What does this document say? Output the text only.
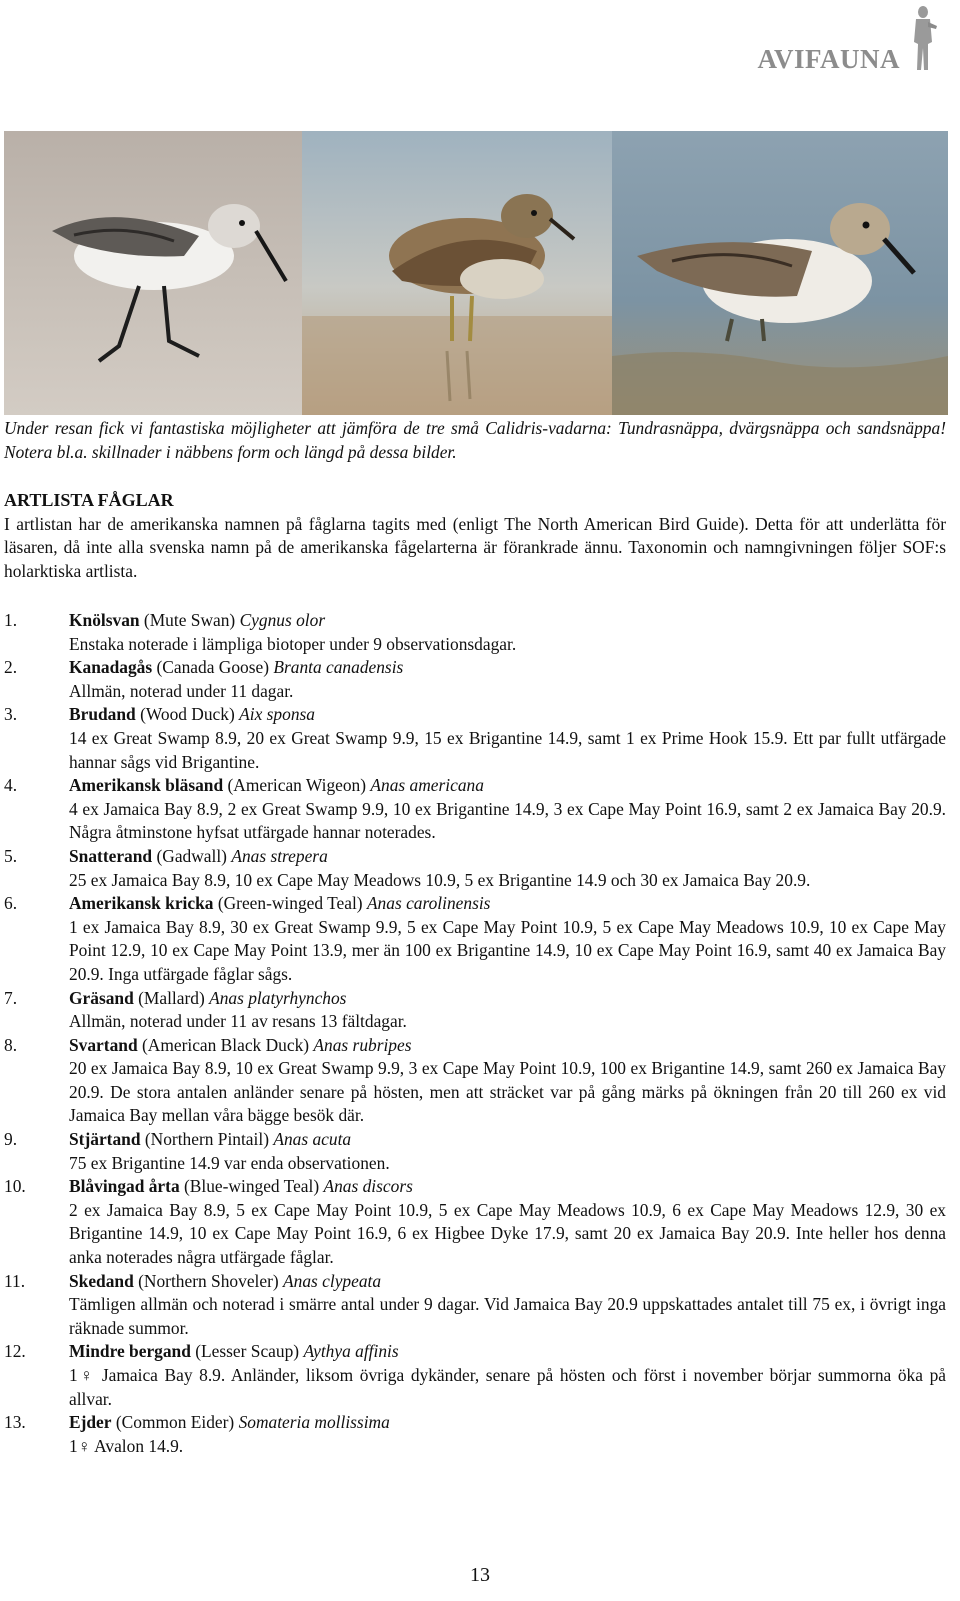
AVIFAUNA
Under resan fick vi fantastiska möjligheter att jämföra de tre små Calidris-vadarna: Tundrasnäppa, dvärgsnäppa och sandsnäppa! Notera bl.a. skillnader i näbbens form och längd på dessa bilder.
ARTLISTA FÅGLAR
I artlistan har de amerikanska namnen på fåglarna tagits med (enligt The North American Bird Guide). Detta för att underlätta för läsaren, då inte alla svenska namn på de amerikanska fågelarterna är förankrade ännu. Taxonomin och namngivningen följer SOF:s holarktiska artlista.
1.	Knölsvan (Mute Swan) Cygnus olor
Enstaka noterade i lämpliga biotoper under 9 observationsdagar.
2.	Kanadagås (Canada Goose) Branta canadensis
Allmän, noterad under 11 dagar.
3.	Brudand (Wood Duck) Aix sponsa
14 ex Great Swamp 8.9, 20 ex Great Swamp 9.9, 15 ex Brigantine 14.9, samt 1 ex Prime Hook 15.9. Ett par fullt utfärgade hannar sågs vid Brigantine.
4.	Amerikansk bläsand (American Wigeon) Anas americana
4 ex Jamaica Bay 8.9, 2 ex Great Swamp 9.9, 10 ex Brigantine 14.9, 3 ex Cape May Point 16.9, samt 2 ex Jamaica Bay 20.9. Några åtminstone hyfsat utfärgade hannar noterades.
5.	Snatterand (Gadwall) Anas strepera
25 ex Jamaica Bay 8.9, 10 ex Cape May Meadows 10.9, 5 ex Brigantine 14.9 och 30 ex Jamaica Bay 20.9.
6.	Amerikansk kricka (Green-winged Teal) Anas carolinensis
1 ex Jamaica Bay 8.9, 30 ex Great Swamp 9.9, 5 ex Cape May Point 10.9, 5 ex Cape May Meadows 10.9, 10 ex Cape May Point 12.9, 10 ex Cape May Point 13.9, mer än 100 ex Brigantine 14.9, 10 ex Cape May Point 16.9, samt 40 ex Jamaica Bay 20.9. Inga utfärgade fåglar sågs.
7.	Gräsand (Mallard) Anas platyrhynchos
Allmän, noterad under 11 av resans 13 fältdagar.
8.	Svartand (American Black Duck) Anas rubripes
20 ex Jamaica Bay 8.9, 10 ex Great Swamp 9.9, 3 ex Cape May Point 10.9, 100 ex Brigantine 14.9, samt 260 ex Jamaica Bay 20.9. De stora antalen anländer senare på hösten, men att sträcket var på gång märks på ökningen från 20 till 260 ex vid Jamaica Bay mellan våra bägge besök där.
9.	Stjärtand (Northern Pintail) Anas acuta
75 ex Brigantine 14.9 var enda observationen.
10.	Blåvingad årta (Blue-winged Teal) Anas discors
2 ex Jamaica Bay 8.9, 5 ex Cape May Point 10.9, 5 ex Cape May Meadows 10.9, 6 ex Cape May Meadows 12.9, 30 ex Brigantine 14.9, 10 ex Cape May Point 16.9, 6 ex Higbee Dyke 17.9, samt 20 ex Jamaica Bay 20.9. Inte heller hos denna anka noterades några utfärgade fåglar.
11.	Skedand (Northern Shoveler) Anas clypeata
Tämligen allmän och noterad i smärre antal under 9 dagar. Vid Jamaica Bay 20.9 uppskattades antalet till 75 ex, i övrigt inga räknade summor.
12.	Mindre bergand (Lesser Scaup) Aythya affinis
1♀ Jamaica Bay 8.9. Anländer, liksom övriga dykänder, senare på hösten och först i november börjar summorna öka på allvar.
13.	Ejder (Common Eider) Somateria mollissima
1♀ Avalon 14.9.
13
